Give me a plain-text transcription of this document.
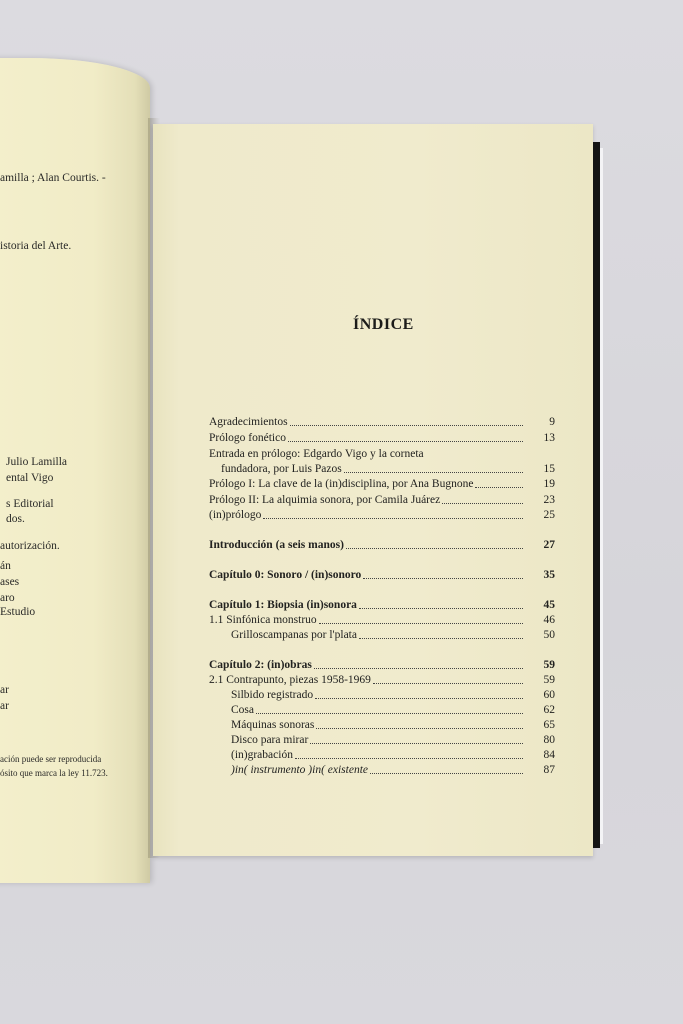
amilla ; Alan Courtis. -
istoria del Arte.
Julio Lamilla
ental Vigo
s Editorial
dos.
autorización.
án
ases
aro
Estudio
ar
ar
ación puede ser reproducida
ósito que marca la ley 11.723.
ÍNDICE
Agradecimientos	9
Prólogo fonético	13
Entrada en prólogo: Edgardo Vigo y la corneta
fundadora, por Luis Pazos	15
Prólogo I: La clave de la (in)disciplina, por Ana Bugnone	19
Prólogo II: La alquimia sonora, por Camila Juárez	23
(in)prólogo	25
Introducción (a seis manos)	27
Capítulo 0: Sonoro / (in)sonoro	35
Capítulo 1: Biopsia (in)sonora	45
1.1 Sinfónica monstruo	46
Grilloscampanas por l'plata	50
Capítulo 2: (in)obras	59
2.1 Contrapunto, piezas 1958-1969	59
Silbido registrado	60
Cosa	62
Máquinas sonoras	65
Disco para mirar	80
(in)grabación	84
)in( instrumento )in( existente	87
